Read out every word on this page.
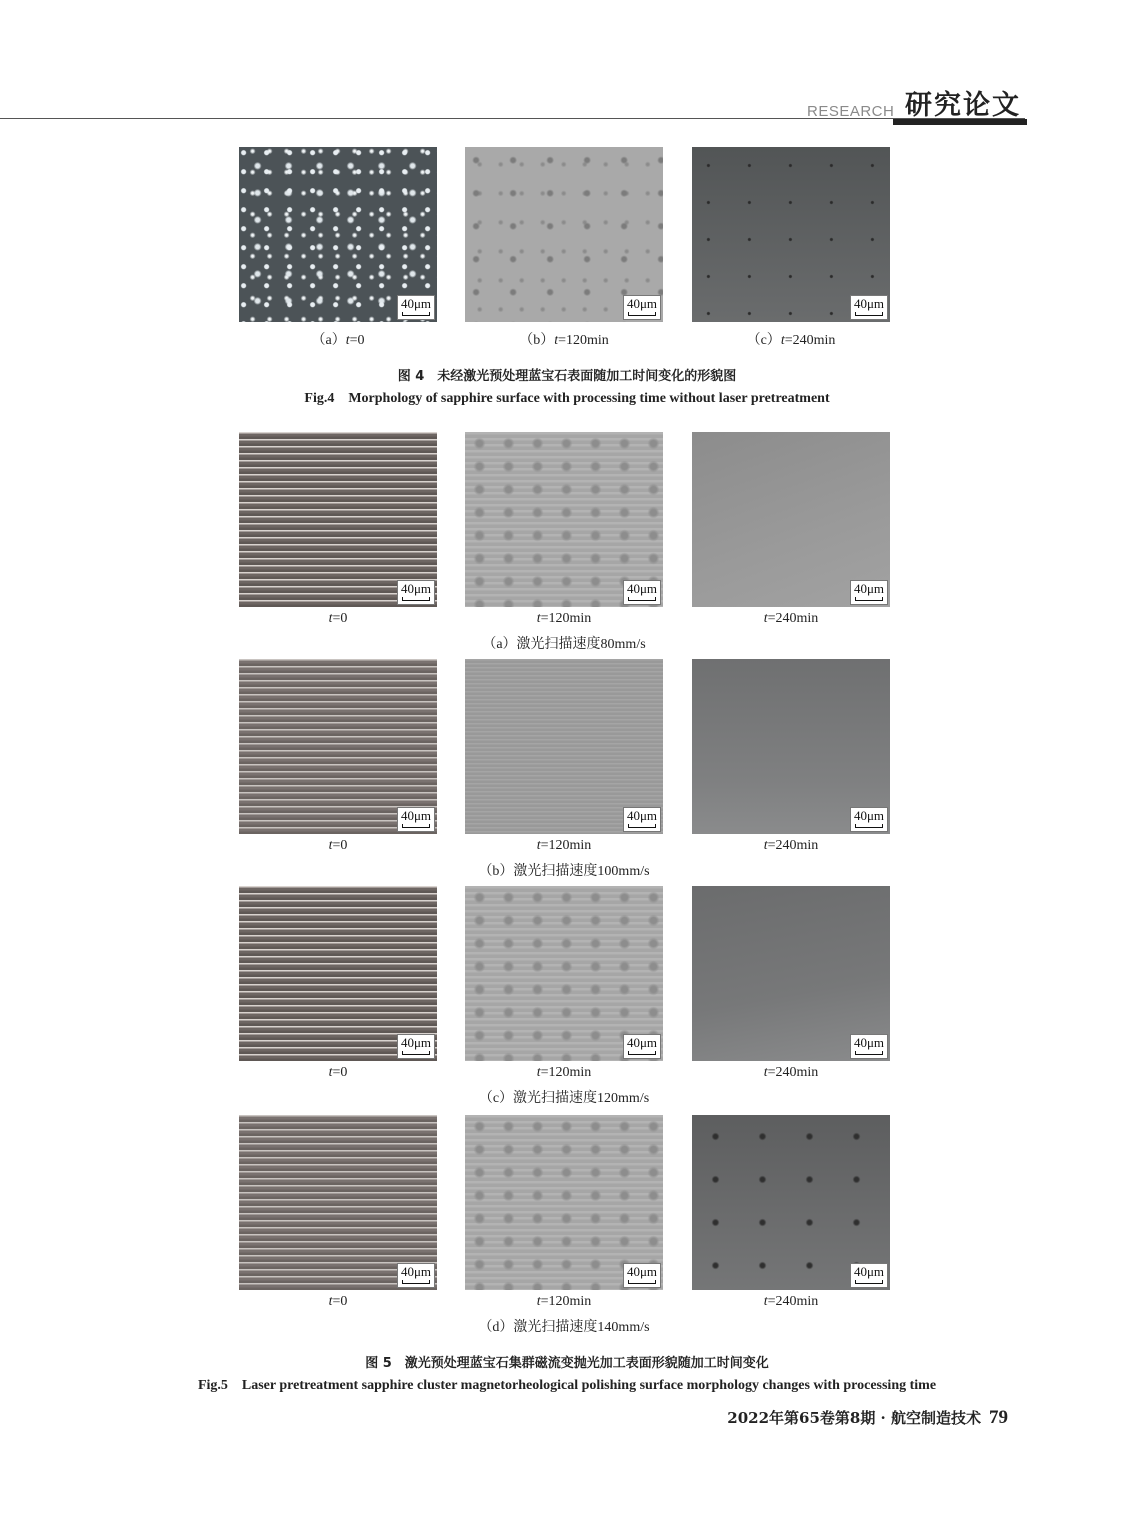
RESEARCH 研究论文
40μm	40μm	40μm
（a）t=0	（b）t=120min	（c）t=240min
图 4　未经激光预处理蓝宝石表面随加工时间变化的形貌图
Fig.4　Morphology of sapphire surface with processing time without laser pretreatment
40μm	40μm	40μm
t=0	t=120min	t=240min
（a）激光扫描速度80mm/s
40μm	40μm	40μm
t=0	t=120min	t=240min
（b）激光扫描速度100mm/s
40μm	40μm	40μm
t=0	t=120min	t=240min
（c）激光扫描速度120mm/s
40μm	40μm	40μm
t=0	t=120min	t=240min
（d）激光扫描速度140mm/s
图 5　激光预处理蓝宝石集群磁流变抛光加工表面形貌随加工时间变化
Fig.5　Laser pretreatment sapphire cluster magnetorheological polishing surface morphology changes with processing time
2022年第65卷第8期 · 航空制造技术 79
